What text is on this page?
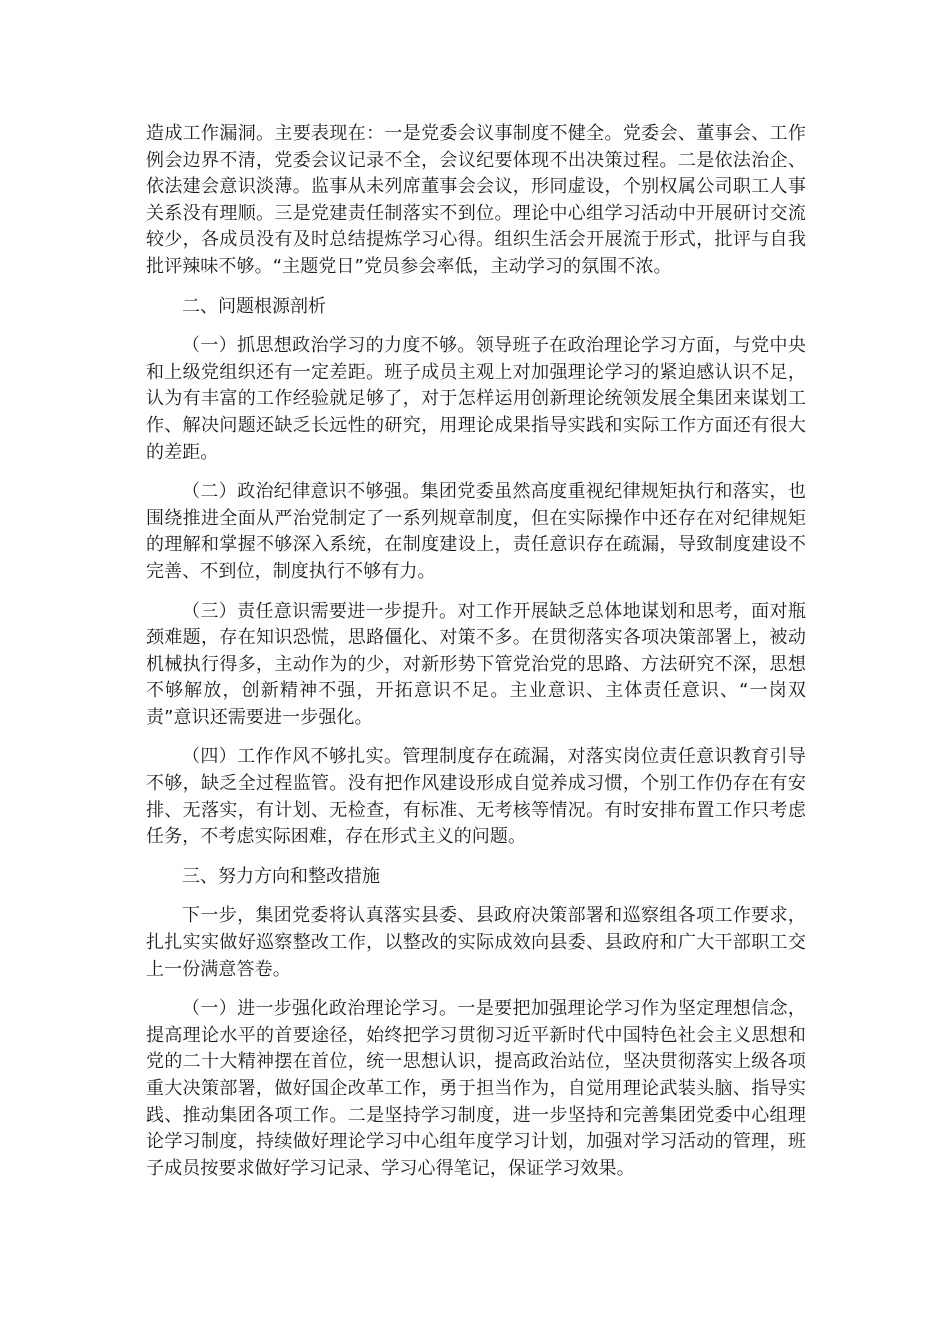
造成工作漏洞。主要表现在：一是党委会议事制度不健全。党委会、董事会、工作例会边界不清，党委会议记录不全，会议纪要体现不出决策过程。二是依法治企、依法建会意识淡薄。监事从未列席董事会会议，形同虚设，个别权属公司职工人事关系没有理顺。三是党建责任制落实不到位。理论中心组学习活动中开展研讨交流较少，各成员没有及时总结提炼学习心得。组织生活会开展流于形式，批评与自我批评辣味不够。“主题党日”党员参会率低，主动学习的氛围不浓。

二、问题根源剖析

（一）抓思想政治学习的力度不够。领导班子在政治理论学习方面，与党中央和上级党组织还有一定差距。班子成员主观上对加强理论学习的紧迫感认识不足，认为有丰富的工作经验就足够了，对于怎样运用创新理论统领发展全集团来谋划工作、解决问题还缺乏长远性的研究，用理论成果指导实践和实际工作方面还有很大的差距。

（二）政治纪律意识不够强。集团党委虽然高度重视纪律规矩执行和落实，也围绕推进全面从严治党制定了一系列规章制度，但在实际操作中还存在对纪律规矩的理解和掌握不够深入系统，在制度建设上，责任意识存在疏漏，导致制度建设不完善、不到位，制度执行不够有力。

（三）责任意识需要进一步提升。对工作开展缺乏总体地谋划和思考，面对瓶颈难题，存在知识恐慌，思路僵化、对策不多。在贯彻落实各项决策部署上，被动机械执行得多，主动作为的少，对新形势下管党治党的思路、方法研究不深，思想不够解放，创新精神不强，开拓意识不足。主业意识、主体责任意识、“一岗双责”意识还需要进一步强化。

（四）工作作风不够扎实。管理制度存在疏漏，对落实岗位责任意识教育引导不够，缺乏全过程监管。没有把作风建设形成自觉养成习惯，个别工作仍存在有安排、无落实，有计划、无检查，有标准、无考核等情况。有时安排布置工作只考虑任务，不考虑实际困难，存在形式主义的问题。

三、努力方向和整改措施

下一步，集团党委将认真落实县委、县政府决策部署和巡察组各项工作要求，扎扎实实做好巡察整改工作，以整改的实际成效向县委、县政府和广大干部职工交上一份满意答卷。

（一）进一步强化政治理论学习。一是要把加强理论学习作为坚定理想信念，提高理论水平的首要途径，始终把学习贯彻习近平新时代中国特色社会主义思想和党的二十大精神摆在首位，统一思想认识，提高政治站位，坚决贯彻落实上级各项重大决策部署，做好国企改革工作，勇于担当作为，自觉用理论武装头脑、指导实践、推动集团各项工作。二是坚持学习制度，进一步坚持和完善集团党委中心组理论学习制度，持续做好理论学习中心组年度学习计划，加强对学习活动的管理，班子成员按要求做好学习记录、学习心得笔记，保证学习效果。
